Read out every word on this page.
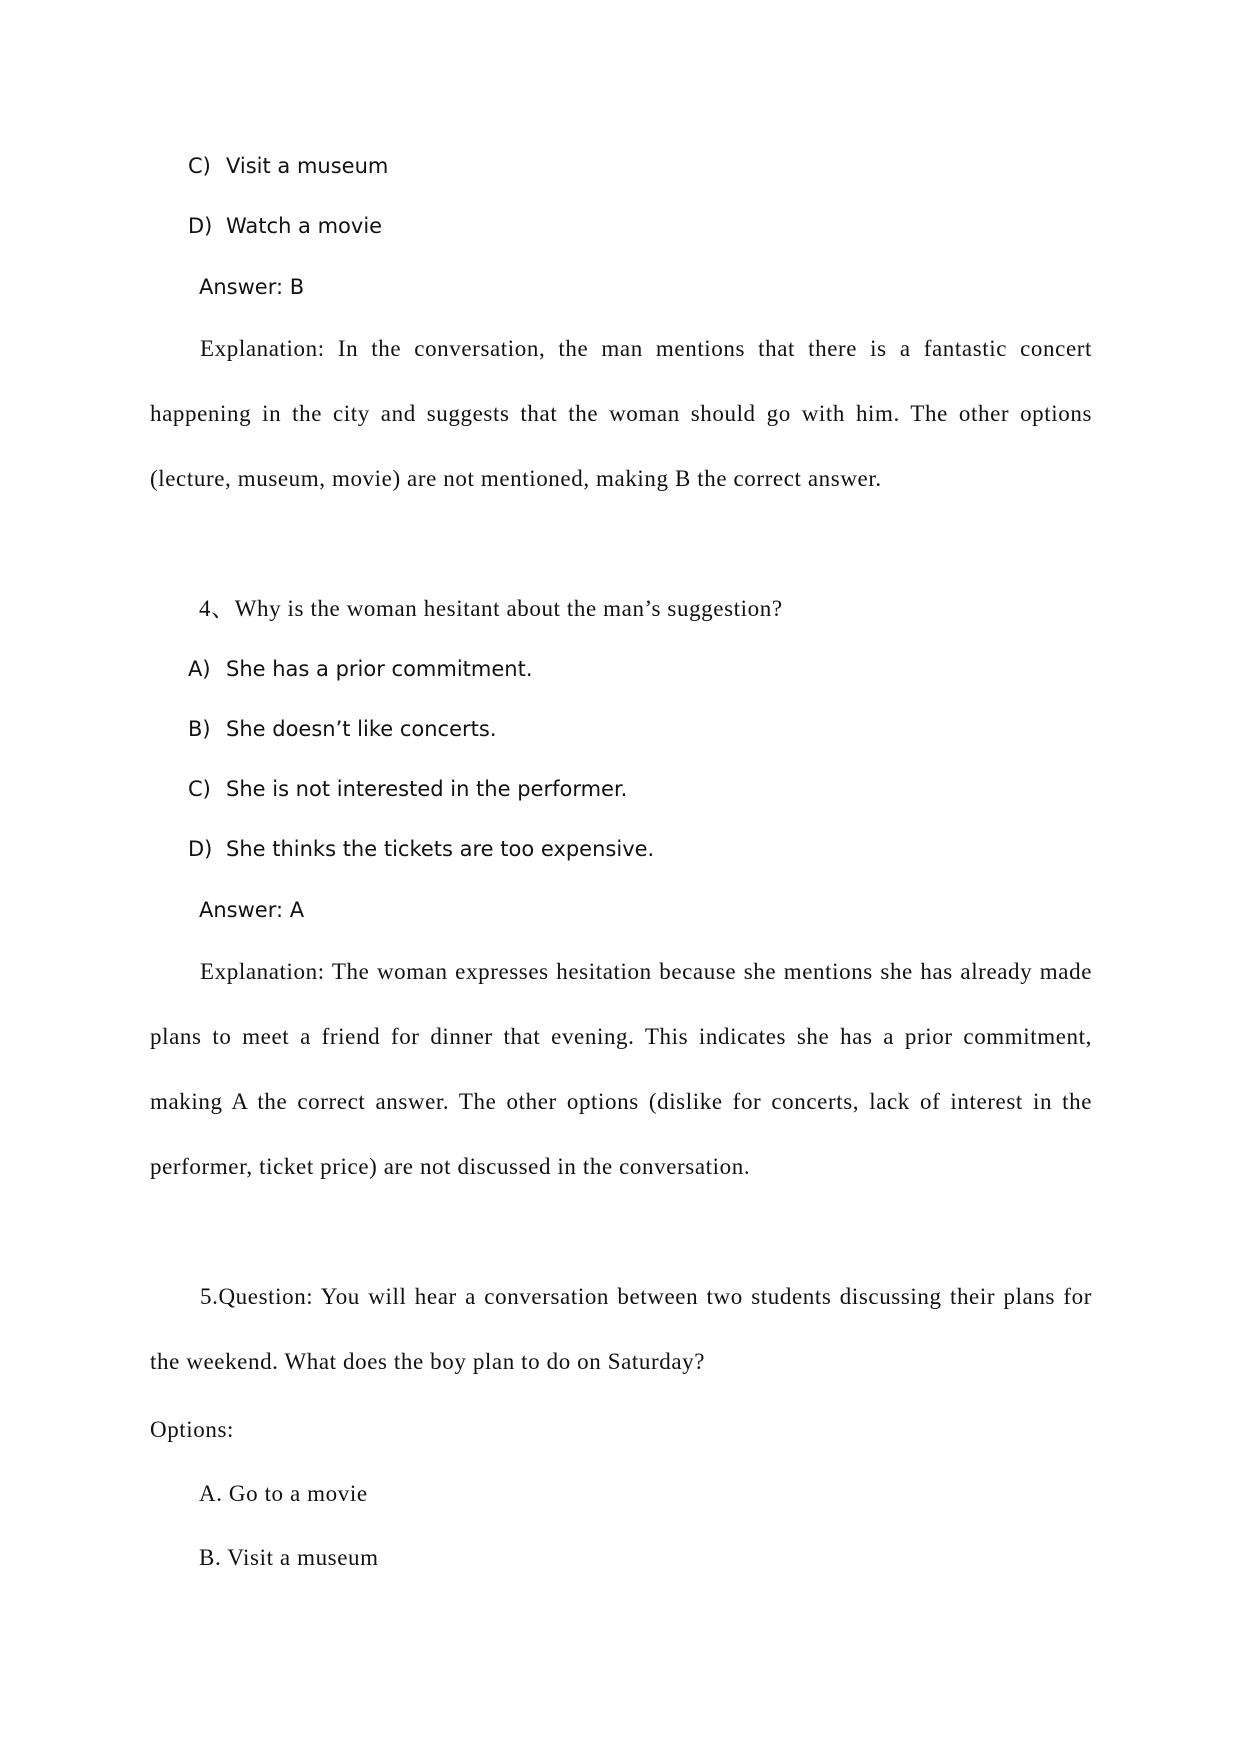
C) Visit a museum
D) Watch a movie
Answer: B
Explanation: In the conversation, the man mentions that there is a fantastic concert happening in the city and suggests that the woman should go with him. The other options (lecture, museum, movie) are not mentioned, making B the correct answer.
4、Why is the woman hesitant about the man’s suggestion?
A) She has a prior commitment.
B) She doesn’t like concerts.
C) She is not interested in the performer.
D) She thinks the tickets are too expensive.
Answer: A
Explanation: The woman expresses hesitation because she mentions she has already made plans to meet a friend for dinner that evening. This indicates she has a prior commitment, making A the correct answer. The other options (dislike for concerts, lack of interest in the performer, ticket price) are not discussed in the conversation.
5.Question: You will hear a conversation between two students discussing their plans for the weekend. What does the boy plan to do on Saturday?
Options:
A. Go to a movie
B. Visit a museum
